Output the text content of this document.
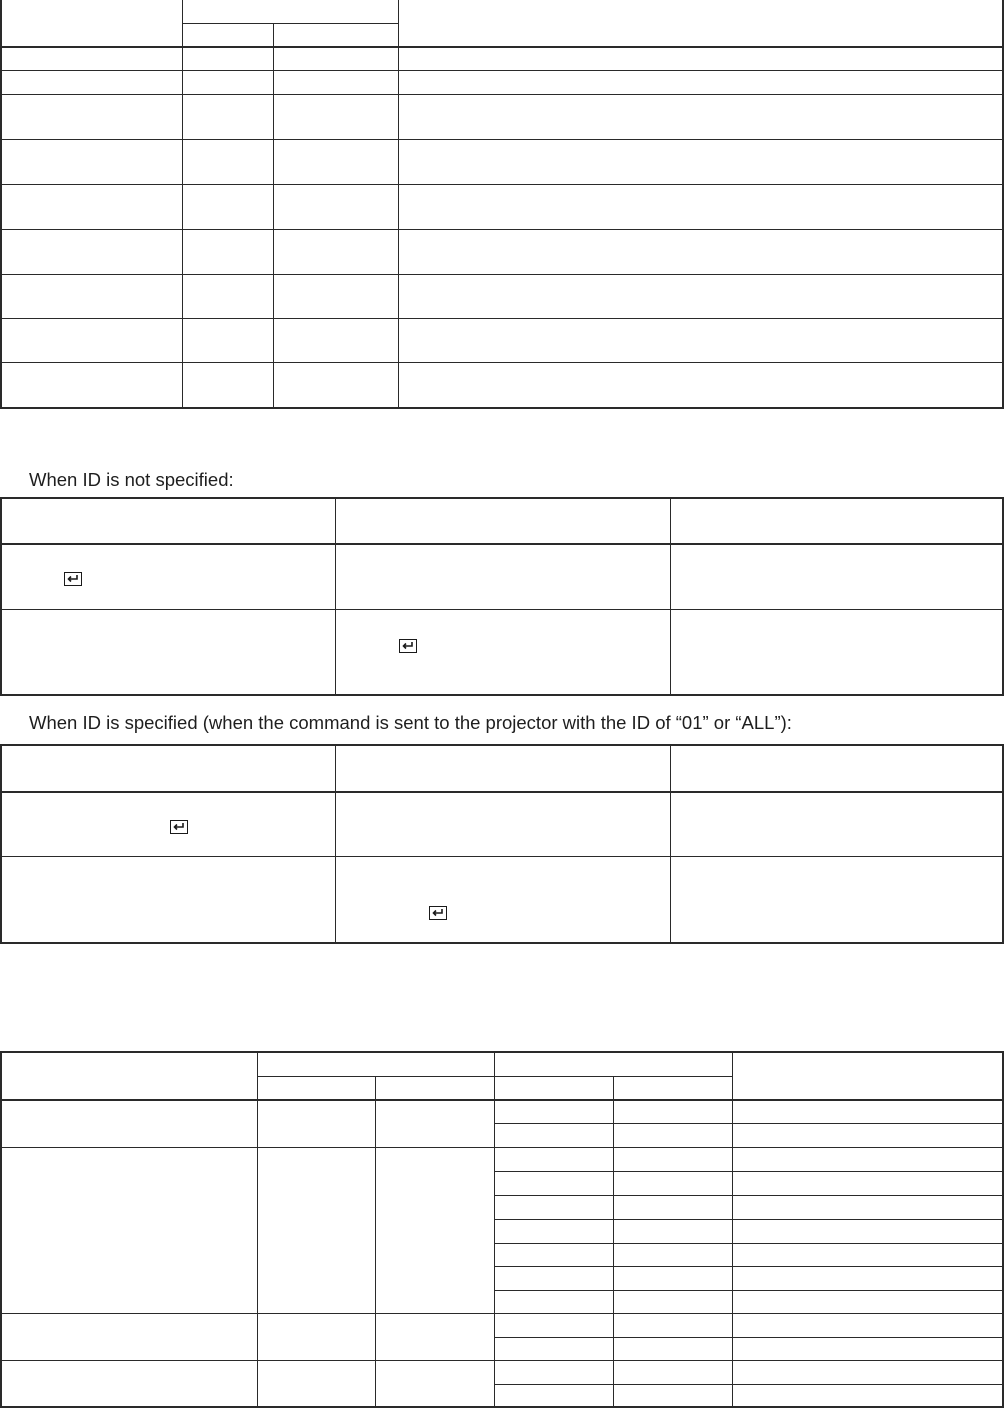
When ID is not specified:
When ID is specified (when the command is sent to the projector with the ID of “01” or “ALL”):
